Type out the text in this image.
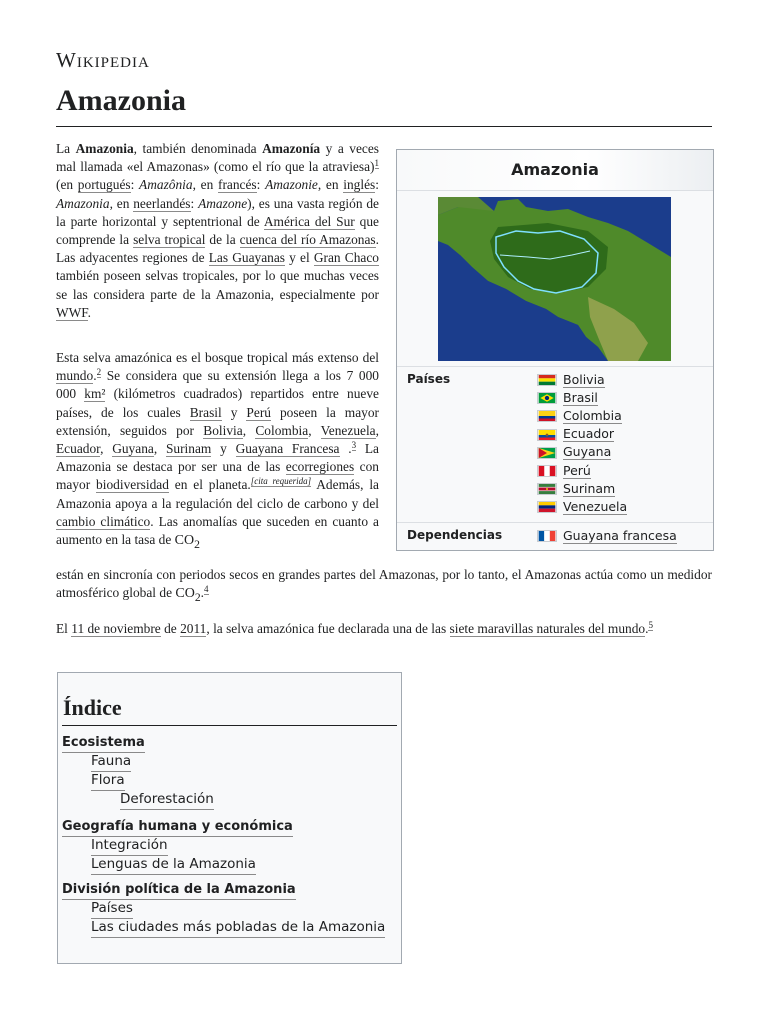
Wikipedia
Amazonia

La Amazonia, también denominada Amazonía y a veces mal llamada «el Amazonas» (como el río que la atraviesa)$^1$ (en portugués: Amazônia, en francés: Amazonie, en inglés: Amazonia, en neerlandés: Amazone), es una vasta región de la parte horizontal y septentrional de América del Sur que comprende la selva tropical de la cuenca del río Amazonas. Las adyacentes regiones de Las Guayanas y el Gran Chaco también poseen selvas tropicales, por lo que muchas veces se las considera parte de la Amazonia, especialmente por WWF.

Esta selva amazónica es el bosque tropical más extenso del mundo.$^2$ Se considera que su extensión llega a los 7 000 000 km² (kilómetros cuadrados) repartidos entre nueve países, de los cuales Brasil y Perú poseen la mayor extensión, seguidos por Bolivia, Colombia, Venezuela, Ecuador, Guyana, Surinam y Guayana Francesa .$^3$ La Amazonia se destaca por ser una de las ecorregiones con mayor biodiversidad en el planeta.[cita requerida] Además, la Amazonia apoya a la regulación del ciclo de carbono y del cambio climático. Las anomalías que suceden en cuanto a aumento en la tasa de $CO_2$

están en sincronía con periodos secos en grandes partes del Amazonas, por lo tanto, el Amazonas actúa como un medidor atmosférico global de $CO_2.^4$

El 11 de noviembre de 2011, la selva amazónica fue declarada una de las siete maravillas naturales del mundo.$^5$

Amazonia
Países	Bolivia
Brasil
Colombia
Ecuador
Guyana
Perú
Surinam
Venezuela
Dependencias	Guayana francesa
Índice
Ecosistema
Fauna
Flora
Deforestación
Geografía humana y económica
Integración
Lenguas de la Amazonia
División política de la Amazonia
Países
Las ciudades más pobladas de la Amazonia
